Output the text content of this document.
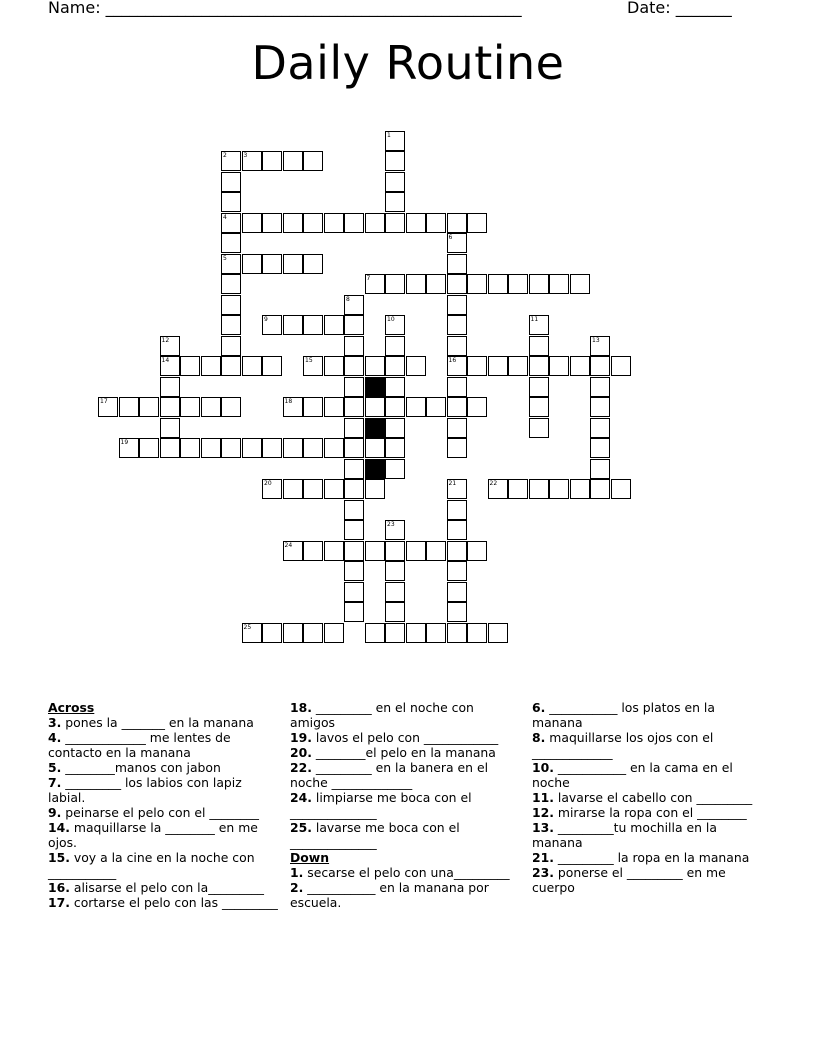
Name: ____________________________________________________	Date: _______
Daily Routine
1
2	3
4
5
6
7
8
9	10	11
12	13
14	15	16
17	18
19
20	21	22
23
24
25

Across

3. pones la _______ en la manana
4. _____________ me lentes de contacto en la manana
5. ________manos con jabon
7. _________ los labios con lapiz labial.
9. peinarse el pelo con el ________
14. maquillarse la ________ en me ojos.
15. voy a la cine en la noche con ___________
16. alisarse el pelo con la_________
17. cortarse el pelo con las _________
18. _________ en el noche con amigos
19. lavos el pelo con ____________
20. ________el pelo en la manana
22. _________ en la banera en el noche _____________
24. limpiarse me boca con el ______________
25. lavarse me boca con el ______________

Down

1. secarse el pelo con una_________
2. ___________ en la manana por escuela.
6. ___________ los platos en la manana
8. maquillarse los ojos con el _____________
10. ___________ en la cama en el noche
11. lavarse el cabello con _________
12. mirarse la ropa con el ________
13. _________tu mochilla en la manana
21. _________ la ropa en la manana
23. ponerse el _________ en me cuerpo
